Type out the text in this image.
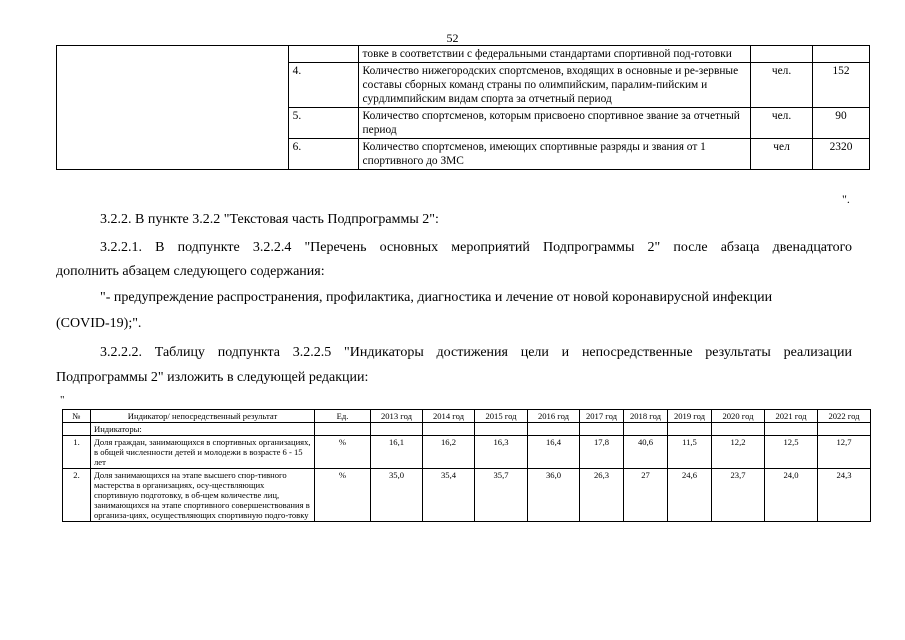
52
		товке в соответствии с федеральными стандартами спортивной под-готовки		
	4.	Количество нижегородских спортсменов, входящих в основные и ре-зервные составы сборных команд страны по олимпийским, паралим-пийским и сурдлимпийским видам спорта за отчетный период	чел.	152
	5.	Количество спортсменов, которым присвоено спортивное звание за отчетный период	чел.	90
	6.	Количество спортсменов, имеющих спортивные разряды и звания от 1 спортивного до ЗМС	чел	2320
".
3.2.2. В пункте 3.2.2 "Текстовая часть Подпрограммы 2":
3.2.2.1. В подпункте 3.2.2.4 "Перечень основных мероприятий Подпрограммы 2" после абзаца двенадцатого
дополнить абзацем следующего содержания:
"- предупреждение распространения, профилактика, диагностика и лечение от новой коронавирусной инфекции
(COVID-19);".
3.2.2.2. Таблицу подпункта 3.2.2.5 "Индикаторы достижения цели и непосредственные результаты реализации
Подпрограммы 2" изложить в следующей редакции:
"
№	Индикатор/ непосредственный результат	Ед.	2013 год	2014 год	2015 год	2016 год	2017 год	2018 год	2019 год	2020 год	2021 год	2022 год
	Индикаторы:											
1.	Доля граждан, занимающихся в спортивных организациях, в общей численности детей и молодежи в возрасте 6 - 15 лет	%	16,1	16,2	16,3	16,4	17,8	40,6	11,5	12,2	12,5	12,7
2.	Доля занимающихся на этапе высшего спор-тивного мастерства в организациях, осу-ществляющих спортивную подготовку, в об-щем количестве лиц, занимающихся на этапе спортивного совершенствования в организа-циях, осуществляющих спортивную подго-товку	%	35,0	35,4	35,7	36,0	26,3	27	24,6	23,7	24,0	24,3
